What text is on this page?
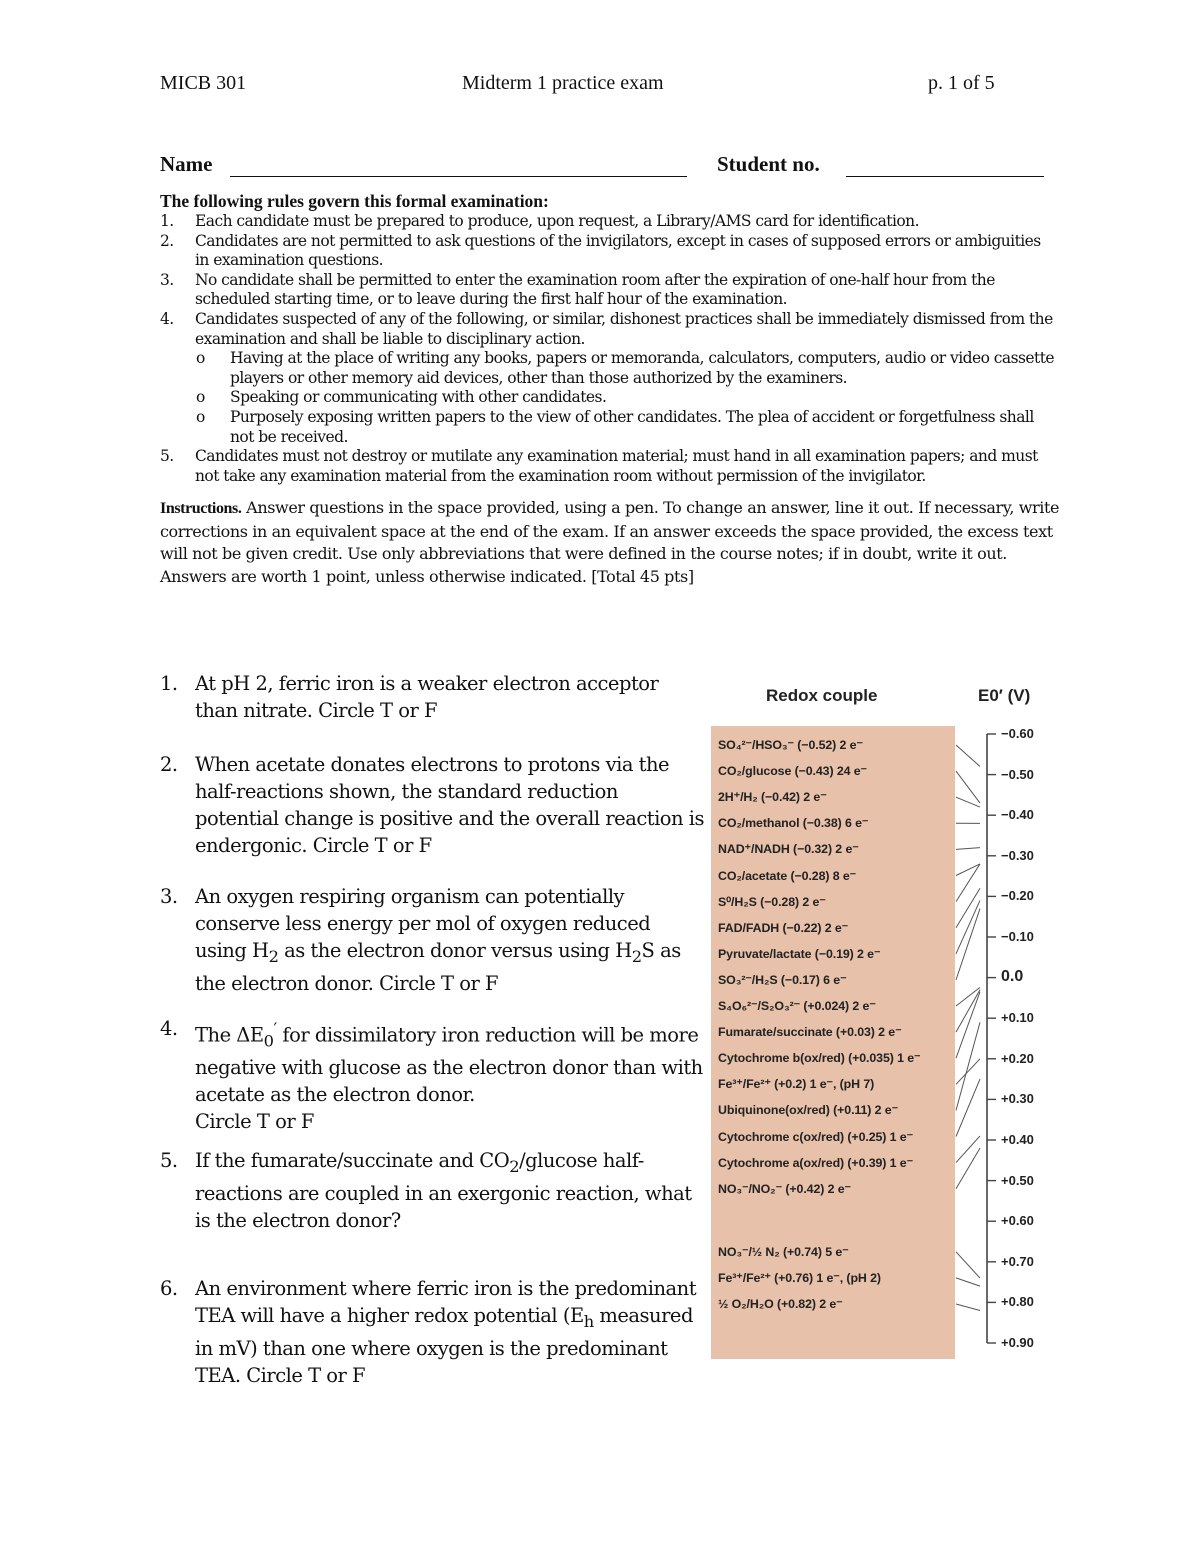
MICB 301	Midterm 1 practice exam	p. 1 of 5
Name	Student no.
The following rules govern this formal examination:
1. Each candidate must be prepared to produce, upon request, a Library/AMS card for identification.
2. Candidates are not permitted to ask questions of the invigilators, except in cases of supposed errors or ambiguities in examination questions.
3. No candidate shall be permitted to enter the examination room after the expiration of one-half hour from the scheduled starting time, or to leave during the first half hour of the examination.
4. Candidates suspected of any of the following, or similar, dishonest practices shall be immediately dismissed from the examination and shall be liable to disciplinary action.
o Having at the place of writing any books, papers or memoranda, calculators, computers, audio or video cassette players or other memory aid devices, other than those authorized by the examiners.
o Speaking or communicating with other candidates.
o Purposely exposing written papers to the view of other candidates. The plea of accident or forgetfulness shall not be received.
5. Candidates must not destroy or mutilate any examination material; must hand in all examination papers; and must not take any examination material from the examination room without permission of the invigilator.
Instructions. Answer questions in the space provided, using a pen. To change an answer, line it out. If necessary, write corrections in an equivalent space at the end of the exam. If an answer exceeds the space provided, the excess text will not be given credit. Use only abbreviations that were defined in the course notes; if in doubt, write it out. Answers are worth 1 point, unless otherwise indicated. [Total 45 pts]
1. At pH 2, ferric iron is a weaker electron acceptor than nitrate. Circle T or F
2. When acetate donates electrons to protons via the half-reactions shown, the standard reduction potential change is positive and the overall reaction is endergonic. Circle T or F
3. An oxygen respiring organism can potentially conserve less energy per mol of oxygen reduced using $H_2$ as the electron donor versus using $H_2S$ as the electron donor. Circle T or F
4. The $\Delta E_0'$ for dissimilatory iron reduction will be more negative with glucose as the electron donor than with acetate as the electron donor.
Circle T or F
5. If the fumarate/succinate and $CO_2$/glucose half-reactions are coupled in an exergonic reaction, what is the electron donor?
6. An environment where ferric iron is the predominant TEA will have a higher redox potential ($E_h$ measured in mV) than one where oxygen is the predominant TEA. Circle T or F
Redox couple	E0′ (V)
SO₄²⁻/HSO₃⁻ (−0.52) 2 e⁻
CO₂/glucose (−0.43) 24 e⁻
2H⁺/H₂ (−0.42) 2 e⁻
CO₂/methanol (−0.38) 6 e⁻
NAD⁺/NADH (−0.32) 2 e⁻
CO₂/acetate (−0.28) 8 e⁻
S⁰/H₂S (−0.28) 2 e⁻
FAD/FADH (−0.22) 2 e⁻
Pyruvate/lactate (−0.19) 2 e⁻
SO₃²⁻/H₂S (−0.17) 6 e⁻
S₄O₆²⁻/S₂O₃²⁻ (+0.024) 2 e⁻
Fumarate/succinate (+0.03) 2 e⁻
Cytochrome b(ox/red) (+0.035) 1 e⁻
Fe³⁺/Fe²⁺ (+0.2) 1 e⁻, (pH 7)
Ubiquinone(ox/red) (+0.11) 2 e⁻
Cytochrome c(ox/red) (+0.25) 1 e⁻
Cytochrome a(ox/red) (+0.39) 1 e⁻
NO₃⁻/NO₂⁻ (+0.42) 2 e⁻
NO₃⁻/½ N₂ (+0.74) 5 e⁻
Fe³⁺/Fe²⁺ (+0.76) 1 e⁻, (pH 2)
½ O₂/H₂O (+0.82) 2 e⁻
−0.60
−0.50
−0.40
−0.30
−0.20
−0.10
0.0
+0.10
+0.20
+0.30
+0.40
+0.50
+0.60
+0.70
+0.80
+0.90
